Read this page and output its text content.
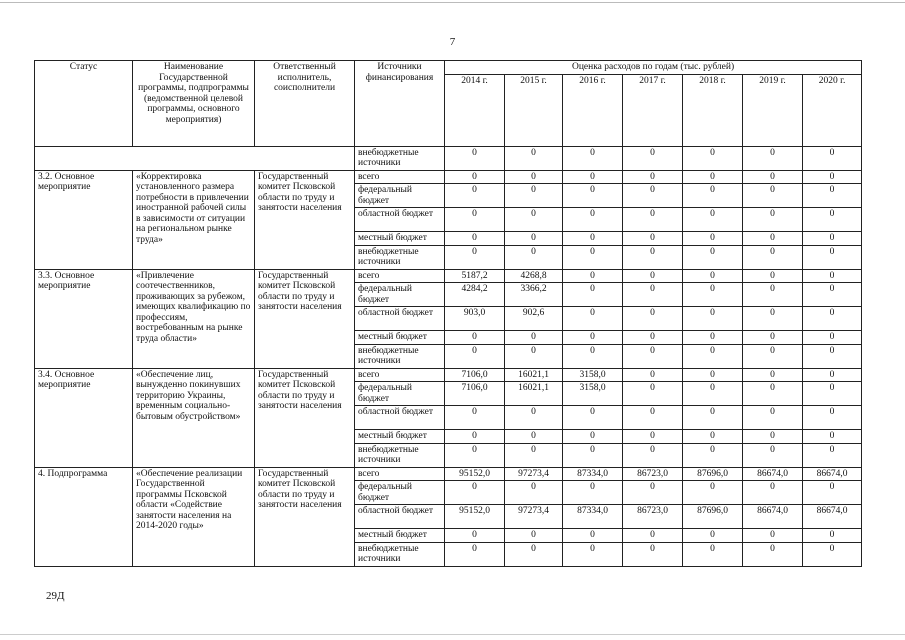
7
Статус	Наименование Государственной программы, подпрограммы (ведомственной целевой программы, основного мероприятия)	Ответственный исполнитель, соисполнители	Источники финансирования	Оценка расходов по годам (тыс. рублей)						
				2014 г.	2015 г.	2016 г.	2017 г.	2018 г.	2019 г.	2020 г.
			внебюджетные источники	0	0	0	0	0	0	0
3.2. Основное мероприятие	«Корректировка установленного размера потребности в привлечении иностранной рабочей силы в зависимости от ситуации на региональном рынке труда»	Государственный комитет Псковской области по труду и занятости населения	всего	0	0	0	0	0	0	0
			федеральный бюджет	0	0	0	0	0	0	0
			областной бюджет	0	0	0	0	0	0	0
			местный бюджет	0	0	0	0	0	0	0
			внебюджетные источники	0	0	0	0	0	0	0
3.3. Основное мероприятие	«Привлечение соотечественников, проживающих за рубежом, имеющих квалификацию по профессиям, востребованным на рынке труда области»	Государственный комитет Псковской области по труду и занятости населения	всего	5187,2	4268,8	0	0	0	0	0
			федеральный бюджет	4284,2	3366,2	0	0	0	0	0
			областной бюджет	903,0	902,6	0	0	0	0	0
			местный бюджет	0	0	0	0	0	0	0
			внебюджетные источники	0	0	0	0	0	0	0
3.4. Основное мероприятие	«Обеспечение лиц, вынужденно покинувших территорию Украины, временным социально-бытовым обустройством»	Государственный комитет Псковской области по труду и занятости населения	всего	7106,0	16021,1	3158,0	0	0	0	0
			федеральный бюджет	7106,0	16021,1	3158,0	0	0	0	0
			областной бюджет	0	0	0	0	0	0	0
			местный бюджет	0	0	0	0	0	0	0
			внебюджетные источники	0	0	0	0	0	0	0
4. Подпрограмма	«Обеспечение реализации Государственной программы Псковской области «Содействие занятости населения на 2014-2020 годы»	Государственный комитет Псковской области по труду и занятости населения	всего	95152,0	97273,4	87334,0	86723,0	87696,0	86674,0	86674,0
			федеральный бюджет	0	0	0	0	0	0	0
			областной бюджет	95152,0	97273,4	87334,0	86723,0	87696,0	86674,0	86674,0
			местный бюджет	0	0	0	0	0	0	0
			внебюджетные источники	0	0	0	0	0	0	0
29Д
